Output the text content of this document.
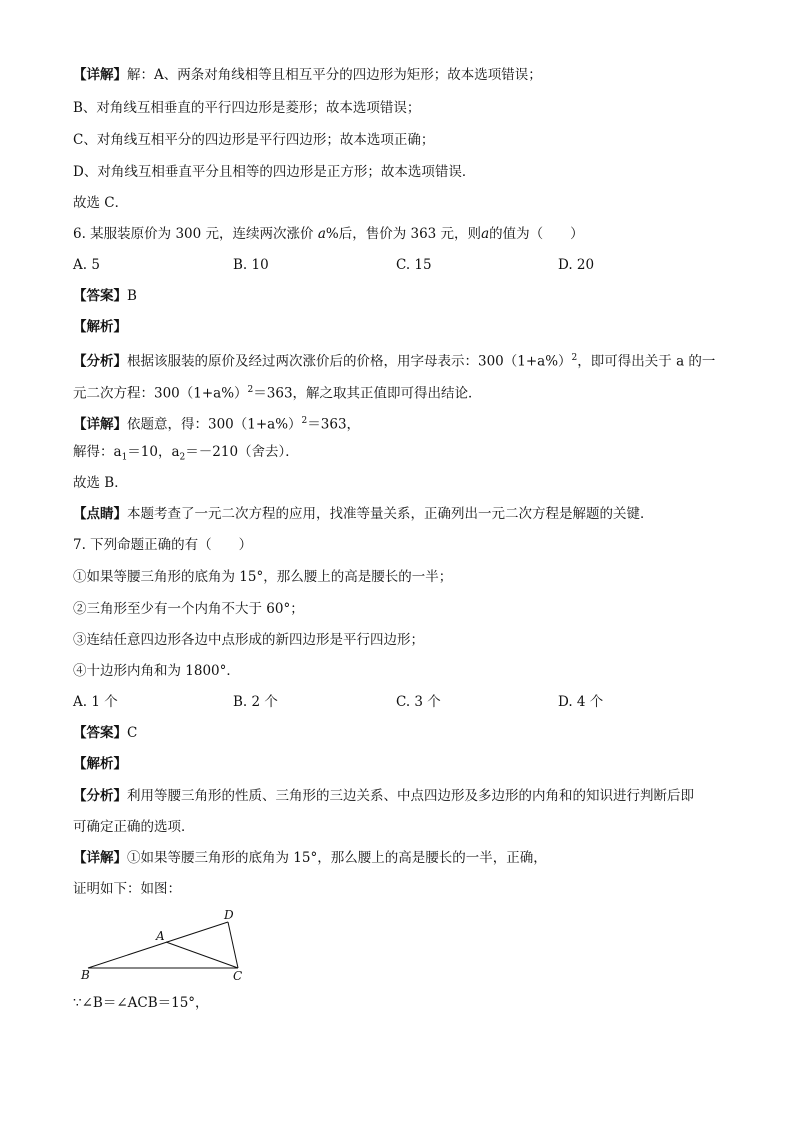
【详解】解：A、两条对角线相等且相互平分的四边形为矩形；故本选项错误；
B、对角线互相垂直的平行四边形是菱形；故本选项错误；
C、对角线互相平分的四边形是平行四边形；故本选项正确；
D、对角线互相垂直平分且相等的四边形是正方形；故本选项错误．
故选 C．
6. 某服装原价为 300 元，连续两次涨价 a%后，售价为 363 元，则a的值为（　　）
A. 5	B. 10	C. 15	D. 20
【答案】B
【解析】
【分析】根据该服装的原价及经过两次涨价后的价格，用字母表示：$300(1+a\%)^2$，即可得出关于 a 的一
元二次方程：$300(1+a\%)^2=363$，解之取其正值即可得出结论．
【详解】依题意，得：$300(1+a\%)^2=363$，
解得：$a_1=10$，$a_2=-210$（舍去）．
故选 B．
【点睛】本题考查了一元二次方程的应用，找准等量关系，正确列出一元二次方程是解题的关键．
7. 下列命题正确的有（　　）
①如果等腰三角形的底角为 15°，那么腰上的高是腰长的一半；
②三角形至少有一个内角不大于 60°；
③连结任意四边形各边中点形成的新四边形是平行四边形；
④十边形内角和为 1800°．
A. 1 个	B. 2 个	C. 3 个	D. 4 个
【答案】C
【解析】
【分析】利用等腰三角形的性质、三角形的三边关系、中点四边形及多边形的内角和的知识进行判断后即
可确定正确的选项．
【详解】①如果等腰三角形的底角为 15°，那么腰上的高是腰长的一半，正确，
证明如下：如图：
D
A
B	C
∵∠B＝∠ACB＝15°，
